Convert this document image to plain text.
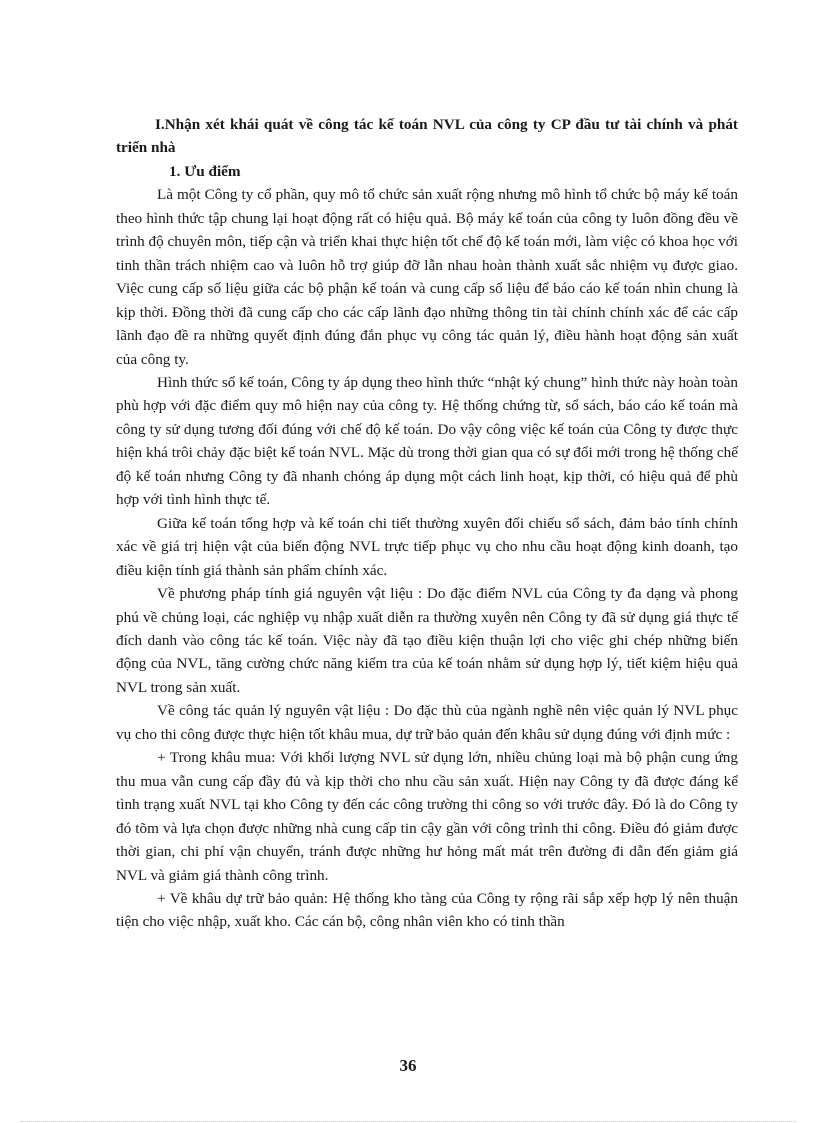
I.Nhận xét khái quát về công tác kế toán NVL của công ty CP đầu tư tài chính và phát triển nhà

1. Ưu điểm

Là một Công ty cổ phần, quy mô tổ chức sản xuất rộng nhưng mô hình tổ chức bộ máy kế toán theo hình thức tập chung lại hoạt động rất có hiệu quả. Bộ máy kế toán của công ty luôn đồng đều về trình độ chuyên môn, tiếp cận và triển khai thực hiện tốt chế độ kế toán mới, làm việc có khoa học với tinh thần trách nhiệm cao và luôn hỗ trợ giúp đỡ lẫn nhau hoàn thành xuất sắc nhiệm vụ được giao. Việc cung cấp số liệu giữa các bộ phận kế toán và cung cấp số liệu để báo cáo kế toán nhìn chung là kịp thời. Đồng thời đã cung cấp cho các cấp lãnh đạo những thông tin tài chính chính xác để các cấp lãnh đạo đề ra những quyết định đúng đắn phục vụ công tác quản lý, điều hành hoạt động sản xuất của công ty.

Hình thức sổ kế toán, Công ty áp dụng theo hình thức “nhật ký chung” hình thức này hoàn toàn phù hợp với đặc điểm quy mô hiện nay của công ty. Hệ thống chứng từ, sổ sách, báo cáo kế toán mà công ty sử dụng tương đối đúng với chế độ kế toán. Do vậy công việc kế toán của Công ty được thực hiện khá trôi chảy đặc biệt kế toán NVL. Mặc dù trong thời gian qua có sự đổi mới trong hệ thống chế độ kế toán nhưng Công ty đã nhanh chóng áp dụng một cách linh hoạt, kịp thời, có hiệu quả để phù hợp với tình hình thực tế.

Giữa kế toán tổng hợp và kế toán chi tiết thường xuyên đối chiếu sổ sách, đảm bảo tính chính xác về giá trị hiện vật của biến động NVL trực tiếp phục vụ cho nhu cầu hoạt động kinh doanh, tạo điều kiện tính giá thành sản phẩm chính xác.

Về phương pháp tính giá nguyên vật liệu : Do đặc điểm NVL của Công ty đa dạng và phong phú về chủng loại, các nghiệp vụ nhập xuất diễn ra thường xuyên nên Công ty đã sử dụng giá thực tế đích danh vào công tác kế toán. Việc này đã tạo điều kiện thuận lợi cho việc ghi chép những biến động của NVL, tăng cường chức năng kiểm tra của kế toán nhằm sử dụng hợp lý, tiết kiệm hiệu quả NVL trong sản xuất.

Về công tác quản lý nguyên vật liệu : Do đặc thù của ngành nghề nên việc quản lý NVL phục vụ cho thi công được thực hiện tốt khâu mua, dự trữ bảo quản đến khâu sử dụng đúng với định mức :

+ Trong khâu mua: Với khối lượng NVL sử dụng lớn, nhiều chủng loại mà bộ phận cung ứng thu mua vẫn cung cấp đầy đủ và kịp thời cho nhu cầu sản xuất. Hiện nay Công ty đã được đáng kể tình trạng xuất NVL tại kho Công ty đến các công trường thi công so với trước đây. Đó là do Công ty đó tõm và lựa chọn được những nhà cung cấp tin cậy gần với công trình thi công. Điều đó giảm được thời gian, chi phí vận chuyển, tránh được những hư hỏng mất mát trên đường đi dẫn đến giảm giá NVL và giảm giá thành công trình.

+ Về khâu dự trữ bảo quản: Hệ thống kho tàng của Công ty rộng rãi sắp xếp hợp lý nên thuận tiện cho việc nhập, xuất kho. Các cán bộ, công nhân viên kho có tinh thần

36
